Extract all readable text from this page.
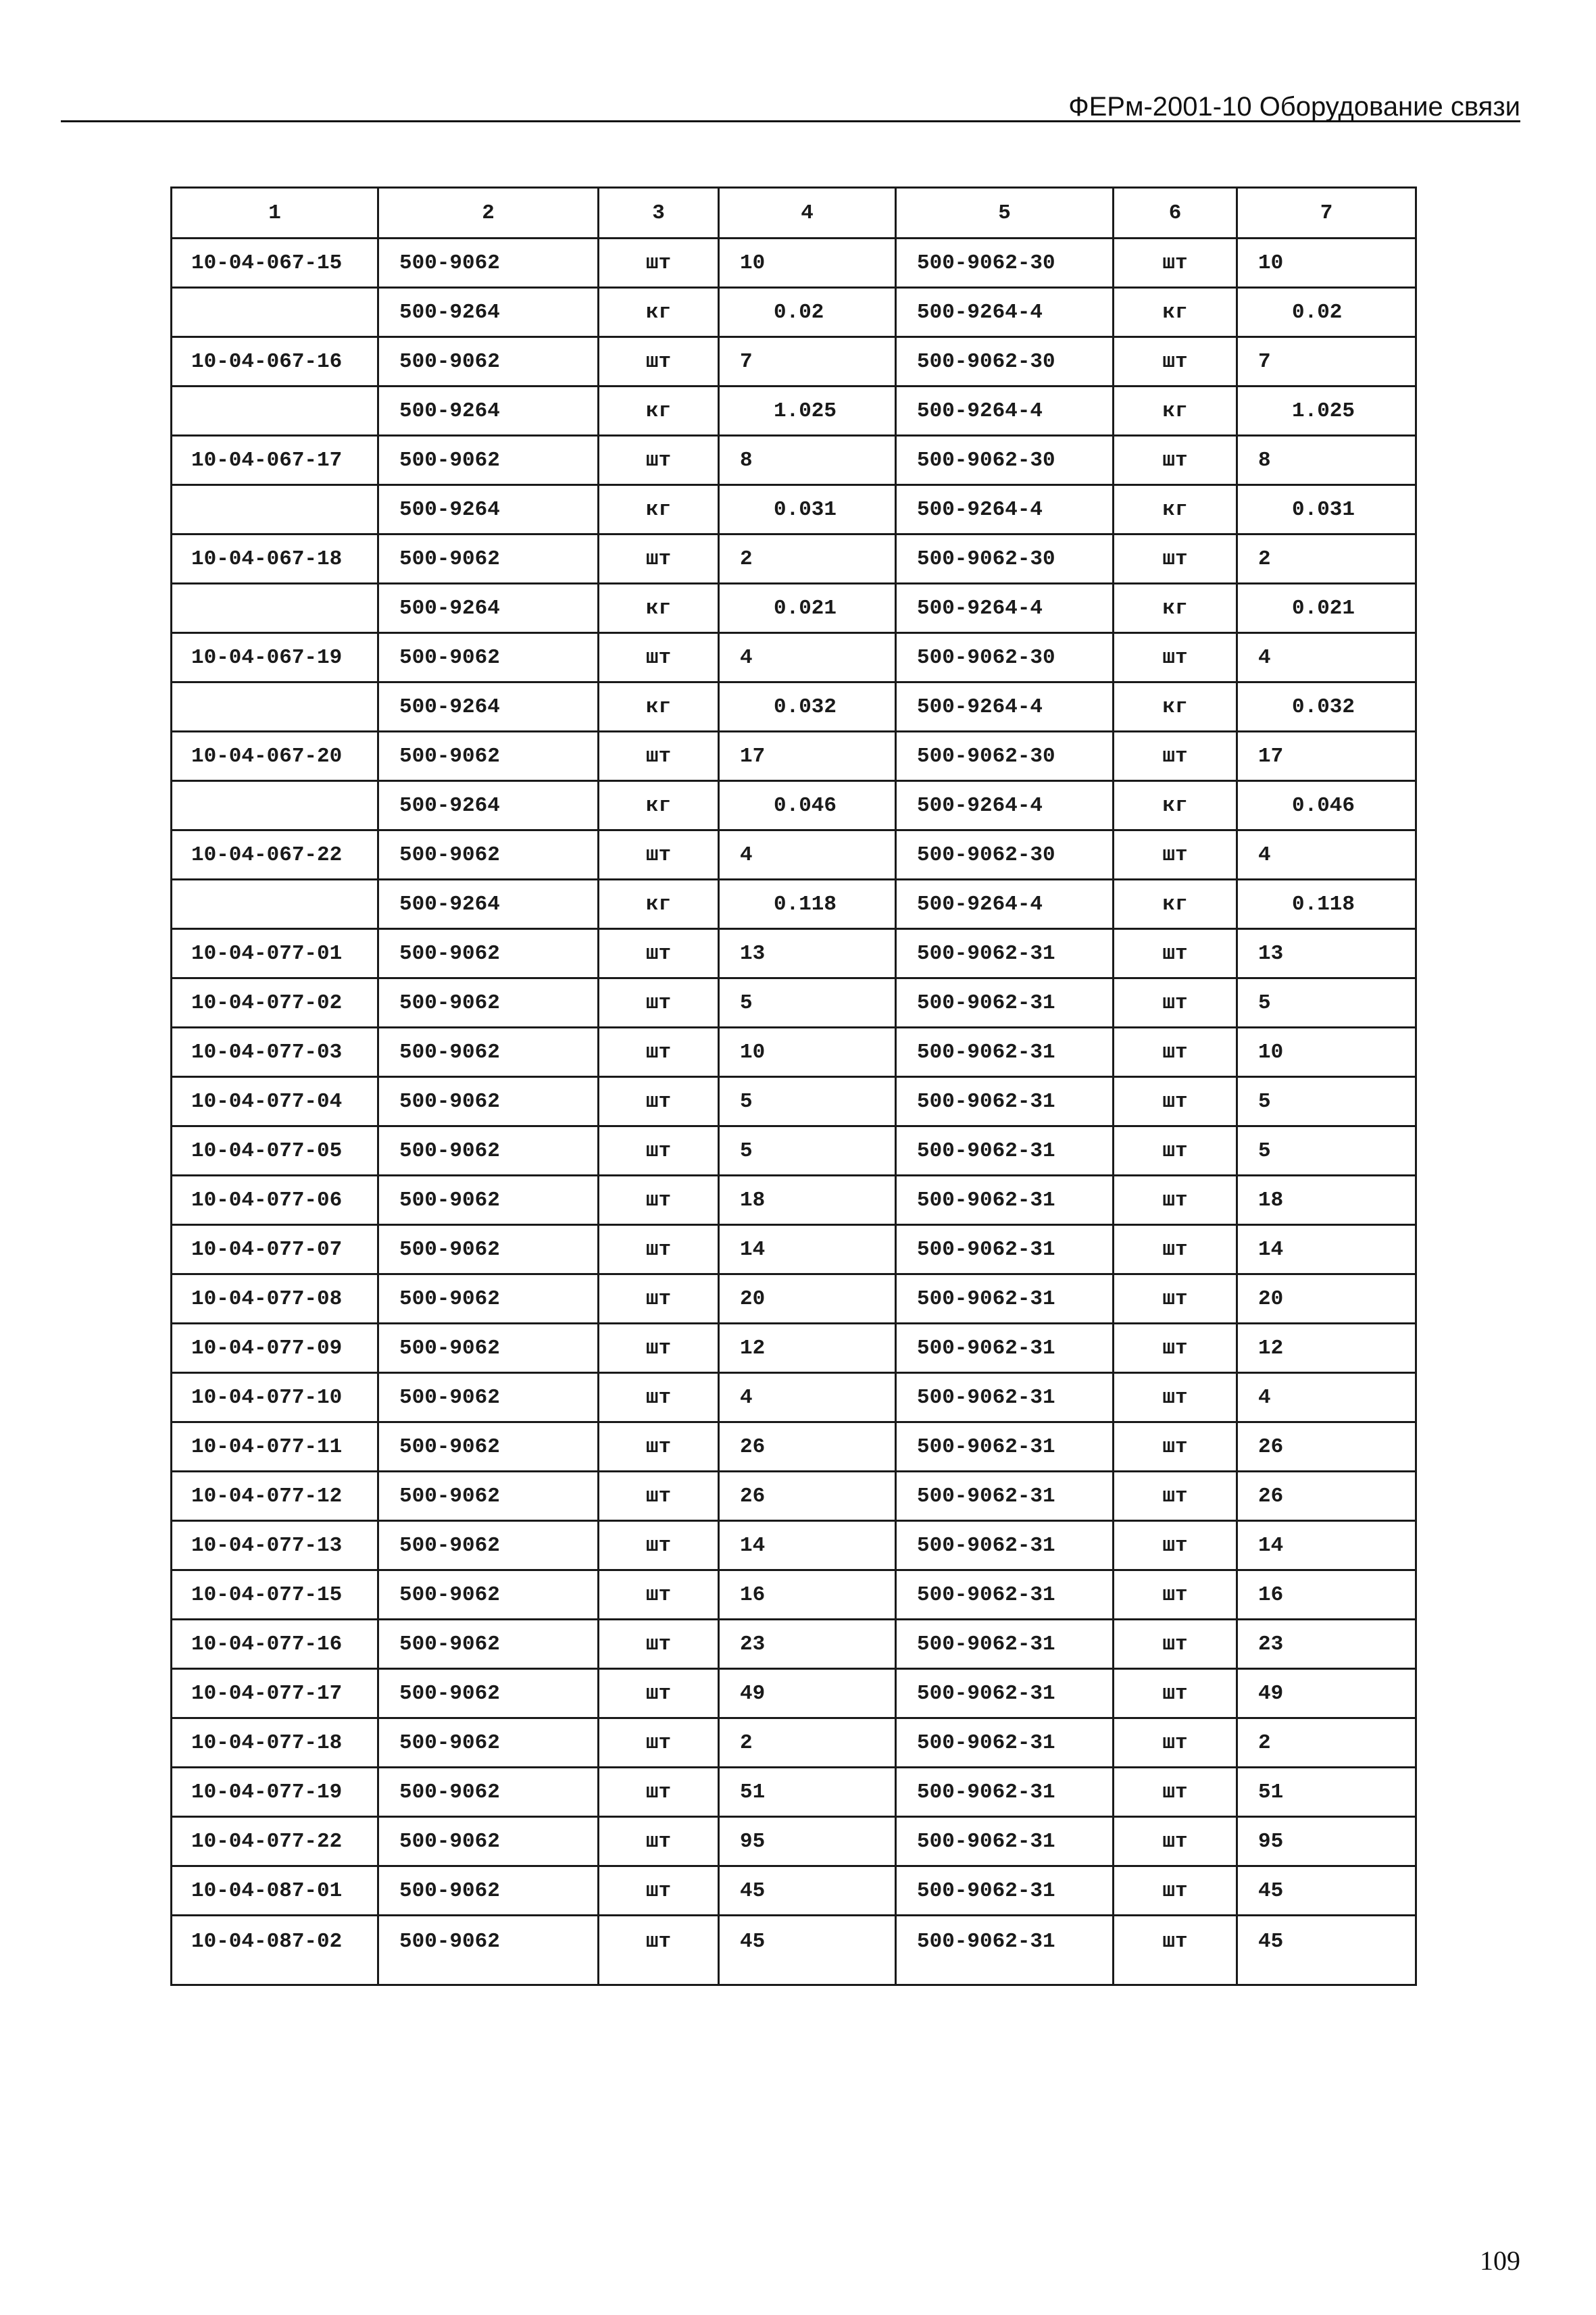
ФЕРм-2001-10 Оборудование связи
1	2	3	4	5	6	7
10-04-067-15	500-9062	шт	10	500-9062-30	шт	10
	500-9264	кг	0.02	500-9264-4	кг	0.02
10-04-067-16	500-9062	шт	7	500-9062-30	шт	7
	500-9264	кг	1.025	500-9264-4	кг	1.025
10-04-067-17	500-9062	шт	8	500-9062-30	шт	8
	500-9264	кг	0.031	500-9264-4	кг	0.031
10-04-067-18	500-9062	шт	2	500-9062-30	шт	2
	500-9264	кг	0.021	500-9264-4	кг	0.021
10-04-067-19	500-9062	шт	4	500-9062-30	шт	4
	500-9264	кг	0.032	500-9264-4	кг	0.032
10-04-067-20	500-9062	шт	17	500-9062-30	шт	17
	500-9264	кг	0.046	500-9264-4	кг	0.046
10-04-067-22	500-9062	шт	4	500-9062-30	шт	4
	500-9264	кг	0.118	500-9264-4	кг	0.118
10-04-077-01	500-9062	шт	13	500-9062-31	шт	13
10-04-077-02	500-9062	шт	5	500-9062-31	шт	5
10-04-077-03	500-9062	шт	10	500-9062-31	шт	10
10-04-077-04	500-9062	шт	5	500-9062-31	шт	5
10-04-077-05	500-9062	шт	5	500-9062-31	шт	5
10-04-077-06	500-9062	шт	18	500-9062-31	шт	18
10-04-077-07	500-9062	шт	14	500-9062-31	шт	14
10-04-077-08	500-9062	шт	20	500-9062-31	шт	20
10-04-077-09	500-9062	шт	12	500-9062-31	шт	12
10-04-077-10	500-9062	шт	4	500-9062-31	шт	4
10-04-077-11	500-9062	шт	26	500-9062-31	шт	26
10-04-077-12	500-9062	шт	26	500-9062-31	шт	26
10-04-077-13	500-9062	шт	14	500-9062-31	шт	14
10-04-077-15	500-9062	шт	16	500-9062-31	шт	16
10-04-077-16	500-9062	шт	23	500-9062-31	шт	23
10-04-077-17	500-9062	шт	49	500-9062-31	шт	49
10-04-077-18	500-9062	шт	2	500-9062-31	шт	2
10-04-077-19	500-9062	шт	51	500-9062-31	шт	51
10-04-077-22	500-9062	шт	95	500-9062-31	шт	95
10-04-087-01	500-9062	шт	45	500-9062-31	шт	45
10-04-087-02	500-9062	шт	45	500-9062-31	шт	45
109
